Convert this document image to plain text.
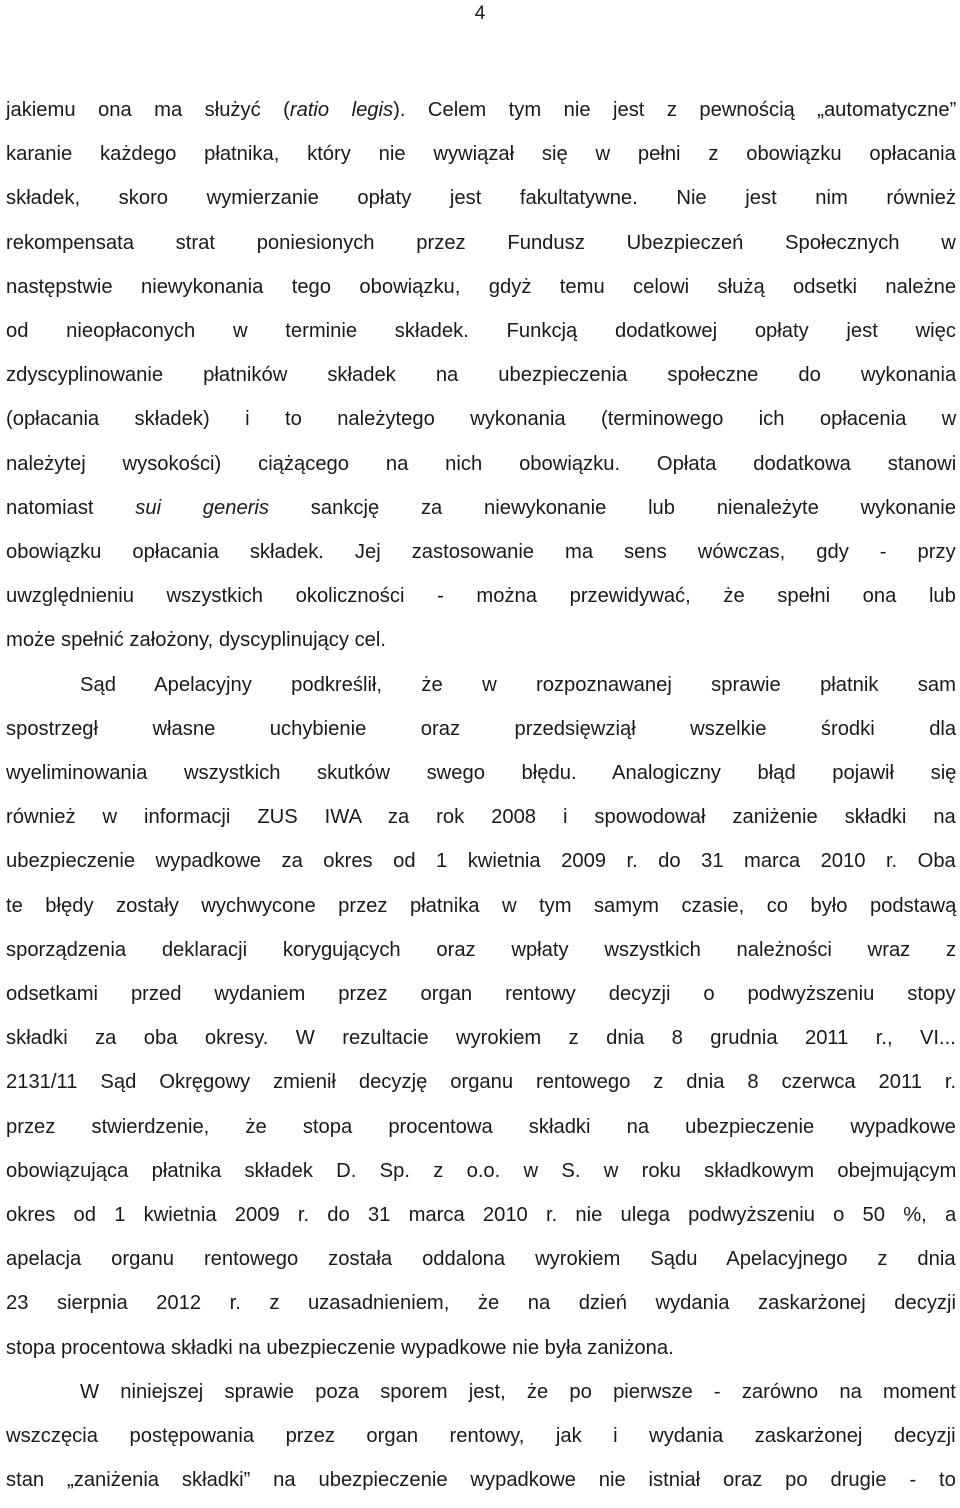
4
jakiemu ona ma służyć (ratio legis). Celem tym nie jest z pewnością „automatyczne”
karanie każdego płatnika, który nie wywiązał się w pełni z obowiązku opłacania
składek, skoro wymierzanie opłaty jest fakultatywne. Nie jest nim również
rekompensata strat poniesionych przez Fundusz Ubezpieczeń Społecznych w
następstwie niewykonania tego obowiązku, gdyż temu celowi służą odsetki należne
od nieopłaconych w terminie składek. Funkcją dodatkowej opłaty jest więc
zdyscyplinowanie płatników składek na ubezpieczenia społeczne do wykonania
(opłacania składek) i to należytego wykonania (terminowego ich opłacenia w
należytej wysokości) ciążącego na nich obowiązku. Opłata dodatkowa stanowi
natomiast sui generis sankcję za niewykonanie lub nienależyte wykonanie
obowiązku opłacania składek. Jej zastosowanie ma sens wówczas, gdy - przy
uwzględnieniu wszystkich okoliczności - można przewidywać, że spełni ona lub
może spełnić założony, dyscyplinujący cel.
Sąd Apelacyjny podkreślił, że w rozpoznawanej sprawie płatnik sam
spostrzegł własne uchybienie oraz przedsięwziął wszelkie środki dla
wyeliminowania wszystkich skutków swego błędu. Analogiczny błąd pojawił się
również w informacji ZUS IWA za rok 2008 i spowodował zaniżenie składki na
ubezpieczenie wypadkowe za okres od 1 kwietnia 2009 r. do 31 marca 2010 r. Oba
te błędy zostały wychwycone przez płatnika w tym samym czasie, co było podstawą
sporządzenia deklaracji korygujących oraz wpłaty wszystkich należności wraz z
odsetkami przed wydaniem przez organ rentowy decyzji o podwyższeniu stopy
składki za oba okresy. W rezultacie wyrokiem z dnia 8 grudnia 2011 r., VI...
2131/11 Sąd Okręgowy zmienił decyzję organu rentowego z dnia 8 czerwca 2011 r.
przez stwierdzenie, że stopa procentowa składki na ubezpieczenie wypadkowe
obowiązująca płatnika składek D. Sp. z o.o. w S. w roku składkowym obejmującym
okres od 1 kwietnia 2009 r. do 31 marca 2010 r. nie ulega podwyższeniu o 50 %, a
apelacja organu rentowego została oddalona wyrokiem Sądu Apelacyjnego z dnia
23 sierpnia 2012 r. z uzasadnieniem, że na dzień wydania zaskarżonej decyzji
stopa procentowa składki na ubezpieczenie wypadkowe nie była zaniżona.
W niniejszej sprawie poza sporem jest, że po pierwsze - zarówno na moment
wszczęcia postępowania przez organ rentowy, jak i wydania zaskarżonej decyzji
stan „zaniżenia składki” na ubezpieczenie wypadkowe nie istniał oraz po drugie - to
